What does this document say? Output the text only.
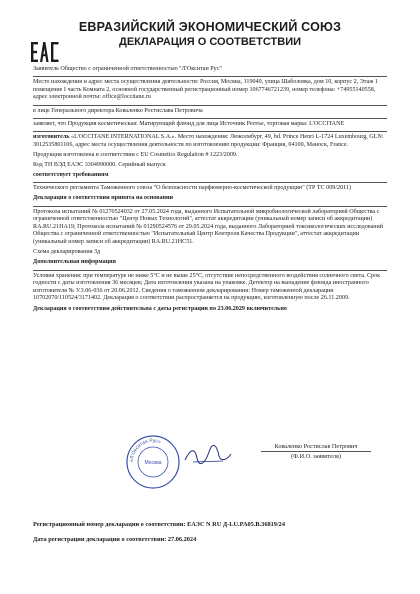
ЕВРАЗИЙСКИЙ ЭКОНОМИЧЕСКИЙ СОЮЗ
ДЕКЛАРАЦИЯ О СООТВЕТСТВИИ
Заявитель Общество с ограниченной ответственностью "Л'Окситан Рус"
Место нахождения и адрес места осуществления деятельности: Россия, Москва, 119049, улица Шаболовка, дом 10, корпус 2, Этаж 1 помещение I часть Комната 2, основной государственный регистрационный номер 1067746721239, номер телефона: +74955140558, адрес электронной почты: office@loccitane.ru
в лице Генерального директора Коваленко Ростислава Петровича
заявляет, что Продукция косметическая: Матирующий флюид для лица Источник Реотье, торговая марка: L'OCCITANE
изготовитель «L'OCCITANE INTERNATIONAL S.A.». Место нахождения: Люксембург, 49, bd. Prince Henri L-1724 Luxembourg, GLN: 3012535801106, адрес места осуществления деятельности по изготовлению продукции: Франция, 04100, Маноск, France.
Продукция изготовлена в соответствии с EU Cosmetics Regulation # 1223/2009.
Код ТН ВЭД ЕАЭС 3304990000. Серийный выпуск
соответствует требованиям
Технического регламента Таможенного союза "О безопасности парфюмерно-косметической продукции" (ТР ТС 009/2011)
Декларация о соответствии принята на основании
Протокола испытаний № 01270524032 от 27.05.2024 года, выданного Испытательной микробиологической лабораторией Общества с ограниченной ответственностью "Центр Новых Технологий", аттестат аккредитации (уникальный номер записи об аккредитации) RA.RU.21НА19; Протокола испытаний № 01290524576 от 29.05.2024 года, выданного Лабораторией токсикологических исследований Общества с ограниченной ответственностью "Испытательный Центр Контроля Качества Продукции", аттестат аккредитации (уникальный номер записи об аккредитации) RA.RU.21НС51.
Схема декларирования 3д
Дополнительная информация
Условия хранения: при температуре не ниже 5°С и не выше 25°С, отсутствие непосредственного воздействия солнечного света. Срок годности с даты изготовления 36 месяцев; Дата изготовления указана на упаковке. Детектор на выпадение флюида иностранного изготовителя № У.3.06-036 от 20.06.2012. Сведения о таможенном декларировании: Номер таможенной декларации 10702070/110524/3171402. Декларация о соответствии распространяется на продукцию, изготовленную после 26.11.2009.
Декларация о соответствии действительна с даты регистрации по 23.06.2029 включительно
«Л'Окситан Рус»
Москва
Коваленко Ростислав Петрович
(Ф.И.О. заявителя)
Регистрационный номер декларации о соответствии: ЕАЭС N RU Д-LU.PA05.B.36819/24
Дата регистрации декларации о соответствии: 27.06.2024
